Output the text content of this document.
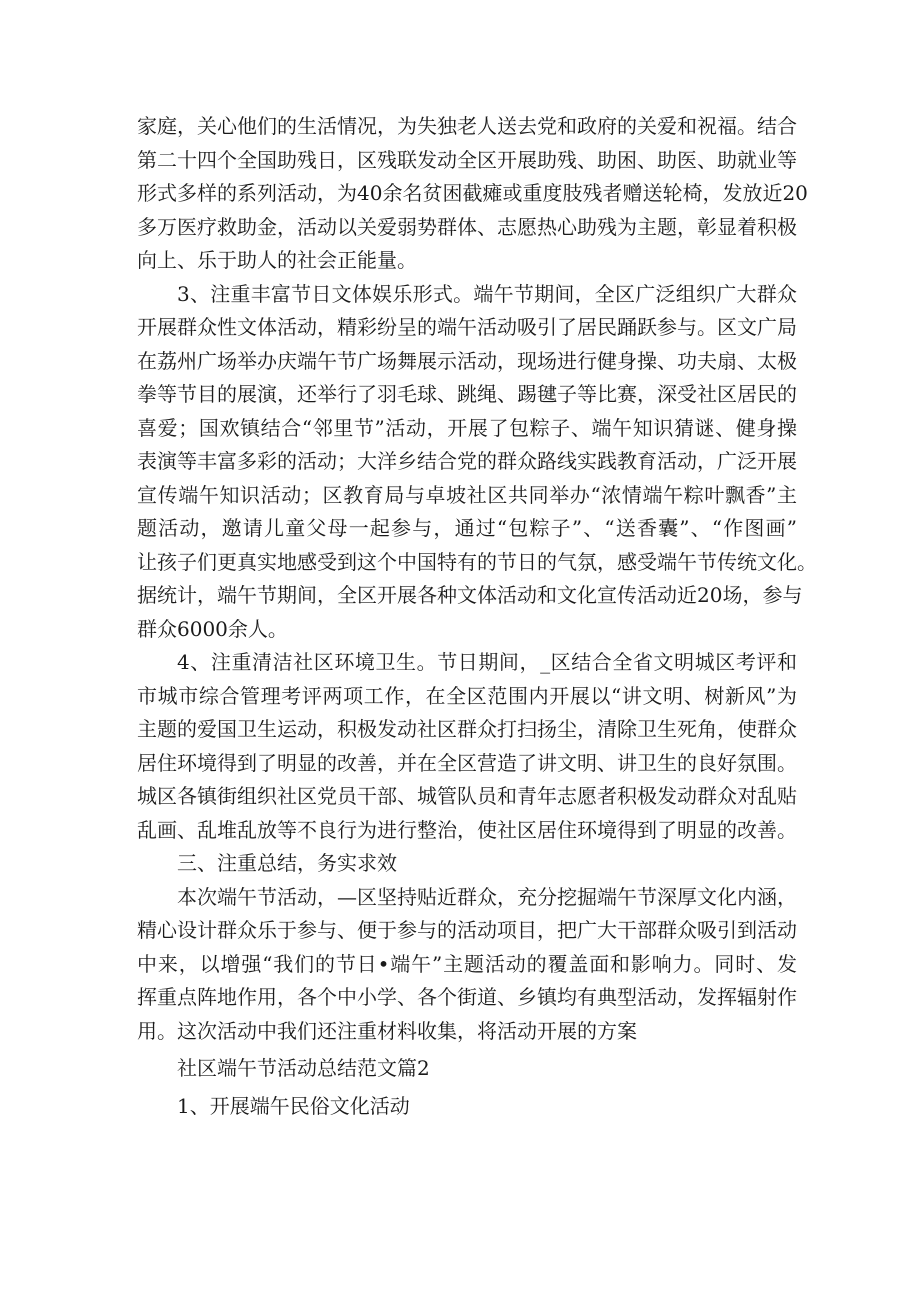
家庭，关心他们的生活情况，为失独老人送去党和政府的关爱和祝福。结合
第二十四个全国助残日，区残联发动全区开展助残、助困、助医、助就业等
形式多样的系列活动，为40余名贫困截瘫或重度肢残者赠送轮椅，发放近20
多万医疗救助金，活动以关爱弱势群体、志愿热心助残为主题，彰显着积极
向上、乐于助人的社会正能量。
3、注重丰富节日文体娱乐形式。端午节期间，全区广泛组织广大群众
开展群众性文体活动，精彩纷呈的端午活动吸引了居民踊跃参与。区文广局
在荔州广场举办庆端午节广场舞展示活动，现场进行健身操、功夫扇、太极
拳等节目的展演，还举行了羽毛球、跳绳、踢毽子等比赛，深受社区居民的
喜爱；国欢镇结合“邻里节”活动，开展了包粽子、端午知识猜谜、健身操
表演等丰富多彩的活动；大洋乡结合党的群众路线实践教育活动，广泛开展
宣传端午知识活动；区教育局与卓坡社区共同举办“浓情端午粽叶飘香”主
题活动，邀请儿童父母一起参与，通过“包粽子”、“送香囊”、“作图画”
让孩子们更真实地感受到这个中国特有的节日的气氛，感受端午节传统文化。
据统计，端午节期间，全区开展各种文体活动和文化宣传活动近20场，参与
群众6000余人。
4、注重清洁社区环境卫生。节日期间，_区结合全省文明城区考评和
市城市综合管理考评两项工作，在全区范围内开展以“讲文明、树新风”为
主题的爱国卫生运动，积极发动社区群众打扫扬尘，清除卫生死角，使群众
居住环境得到了明显的改善，并在全区营造了讲文明、讲卫生的良好氛围。
城区各镇街组织社区党员干部、城管队员和青年志愿者积极发动群众对乱贴
乱画、乱堆乱放等不良行为进行整治，使社区居住环境得到了明显的改善。
三、注重总结，务实求效
本次端午节活动，—区坚持贴近群众，充分挖掘端午节深厚文化内涵，
精心设计群众乐于参与、便于参与的活动项目，把广大干部群众吸引到活动
中来，以增强“我们的节日•端午”主题活动的覆盖面和影响力。同时、发
挥重点阵地作用，各个中小学、各个街道、乡镇均有典型活动，发挥辐射作
用。这次活动中我们还注重材料收集，将活动开展的方案
社区端午节活动总结范文篇2
1、开展端午民俗文化活动
